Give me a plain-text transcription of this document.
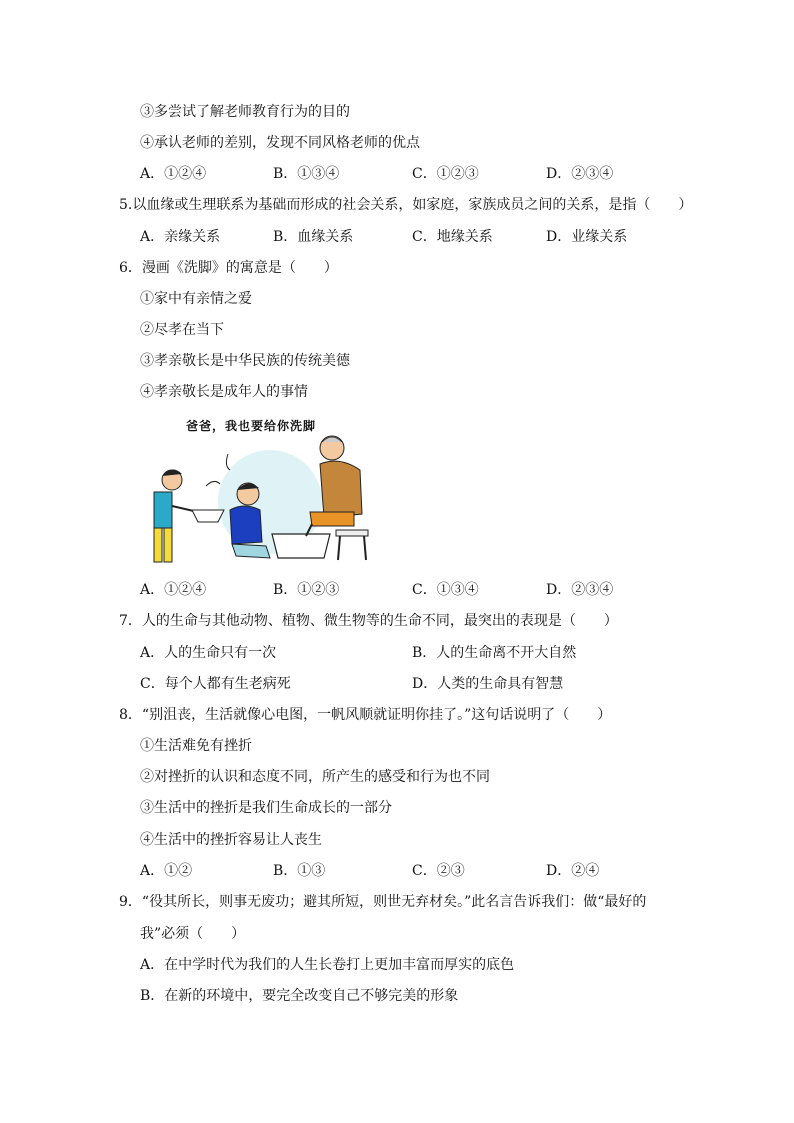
③多尝试了解老师教育行为的目的
④承认老师的差别，发现不同风格老师的优点
A．①②④	B．①③④	C．①②③	D．②③④
5.以血缘或生理联系为基础而形成的社会关系，如家庭，家族成员之间的关系，是指（　　）
A．亲缘关系	B．血缘关系	C．地缘关系	D．业缘关系
6．漫画《洗脚》的寓意是（　　）
①家中有亲情之爱
②尽孝在当下
③孝亲敬长是中华民族的传统美德
④孝亲敬长是成年人的事情
爸爸，我也要给你洗脚
A．①②④	B．①②③	C．①③④	D．②③④
7．人的生命与其他动物、植物、微生物等的生命不同，最突出的表现是（　　）
A．人的生命只有一次	B．人的生命离不开大自然
C．每个人都有生老病死	D．人类的生命具有智慧
8．“别沮丧，生活就像心电图，一帆风顺就证明你挂了。”这句话说明了（　　）
①生活难免有挫折
②对挫折的认识和态度不同，所产生的感受和行为也不同
③生活中的挫折是我们生命成长的一部分
④生活中的挫折容易让人丧生
A．①②	B．①③	C．②③	D．②④
9．“役其所长，则事无废功；避其所短，则世无弃材矣。”此名言告诉我们：做“最好的
我”必须（　　）
A．在中学时代为我们的人生长卷打上更加丰富而厚实的底色
B．在新的环境中，要完全改变自己不够完美的形象
